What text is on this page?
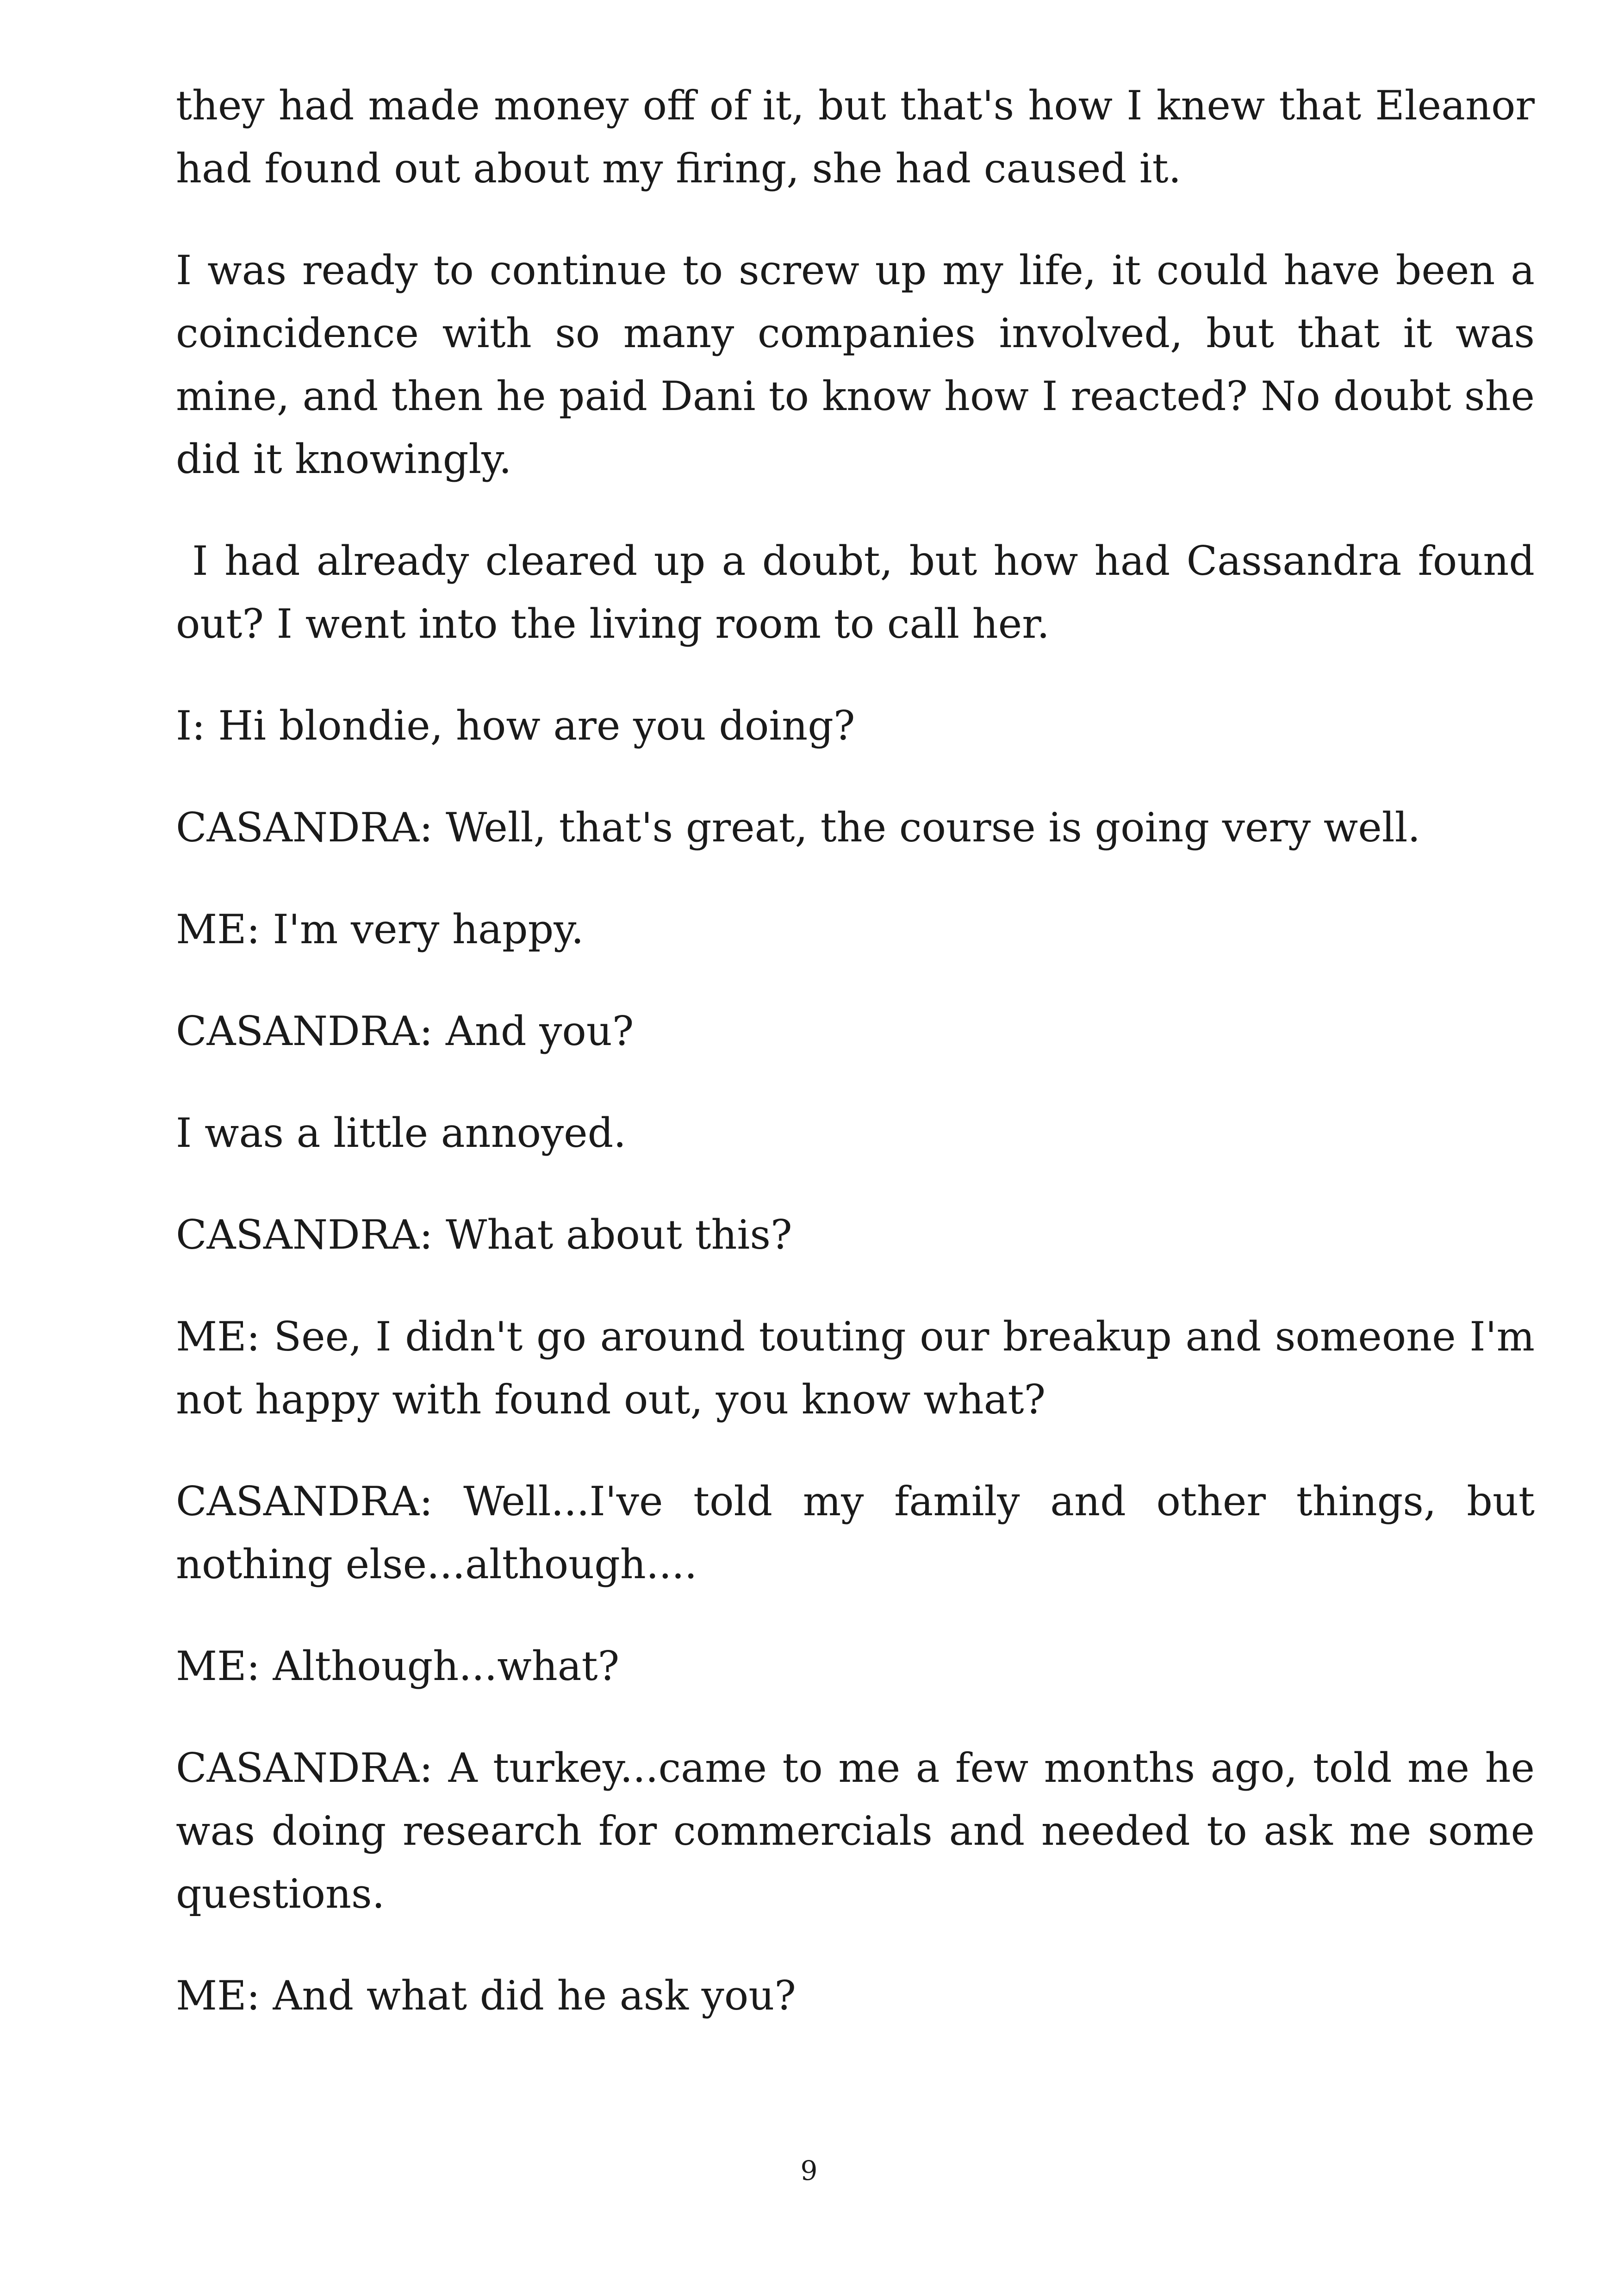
they had made money off of it, but that's how I knew that Eleanor had found out about my firing, she had caused it.

I was ready to continue to screw up my life, it could have been a coincidence with so many companies involved, but that it was mine, and then he paid Dani to know how I reacted? No doubt she did it knowingly.

I had already cleared up a doubt, but how had Cassandra found out? I went into the living room to call her.

I: Hi blondie, how are you doing?

CASANDRA: Well, that's great, the course is going very well.

ME: I'm very happy.

CASANDRA: And you?

I was a little annoyed.

CASANDRA: What about this?

ME: See, I didn't go around touting our breakup and someone I'm not happy with found out, you know what?

CASANDRA: Well...I've told my family and other things, but nothing else...although....

ME: Although...what?

CASANDRA: A turkey...came to me a few months ago, told me he was doing research for commercials and needed to ask me some questions.

ME: And what did he ask you?

9
